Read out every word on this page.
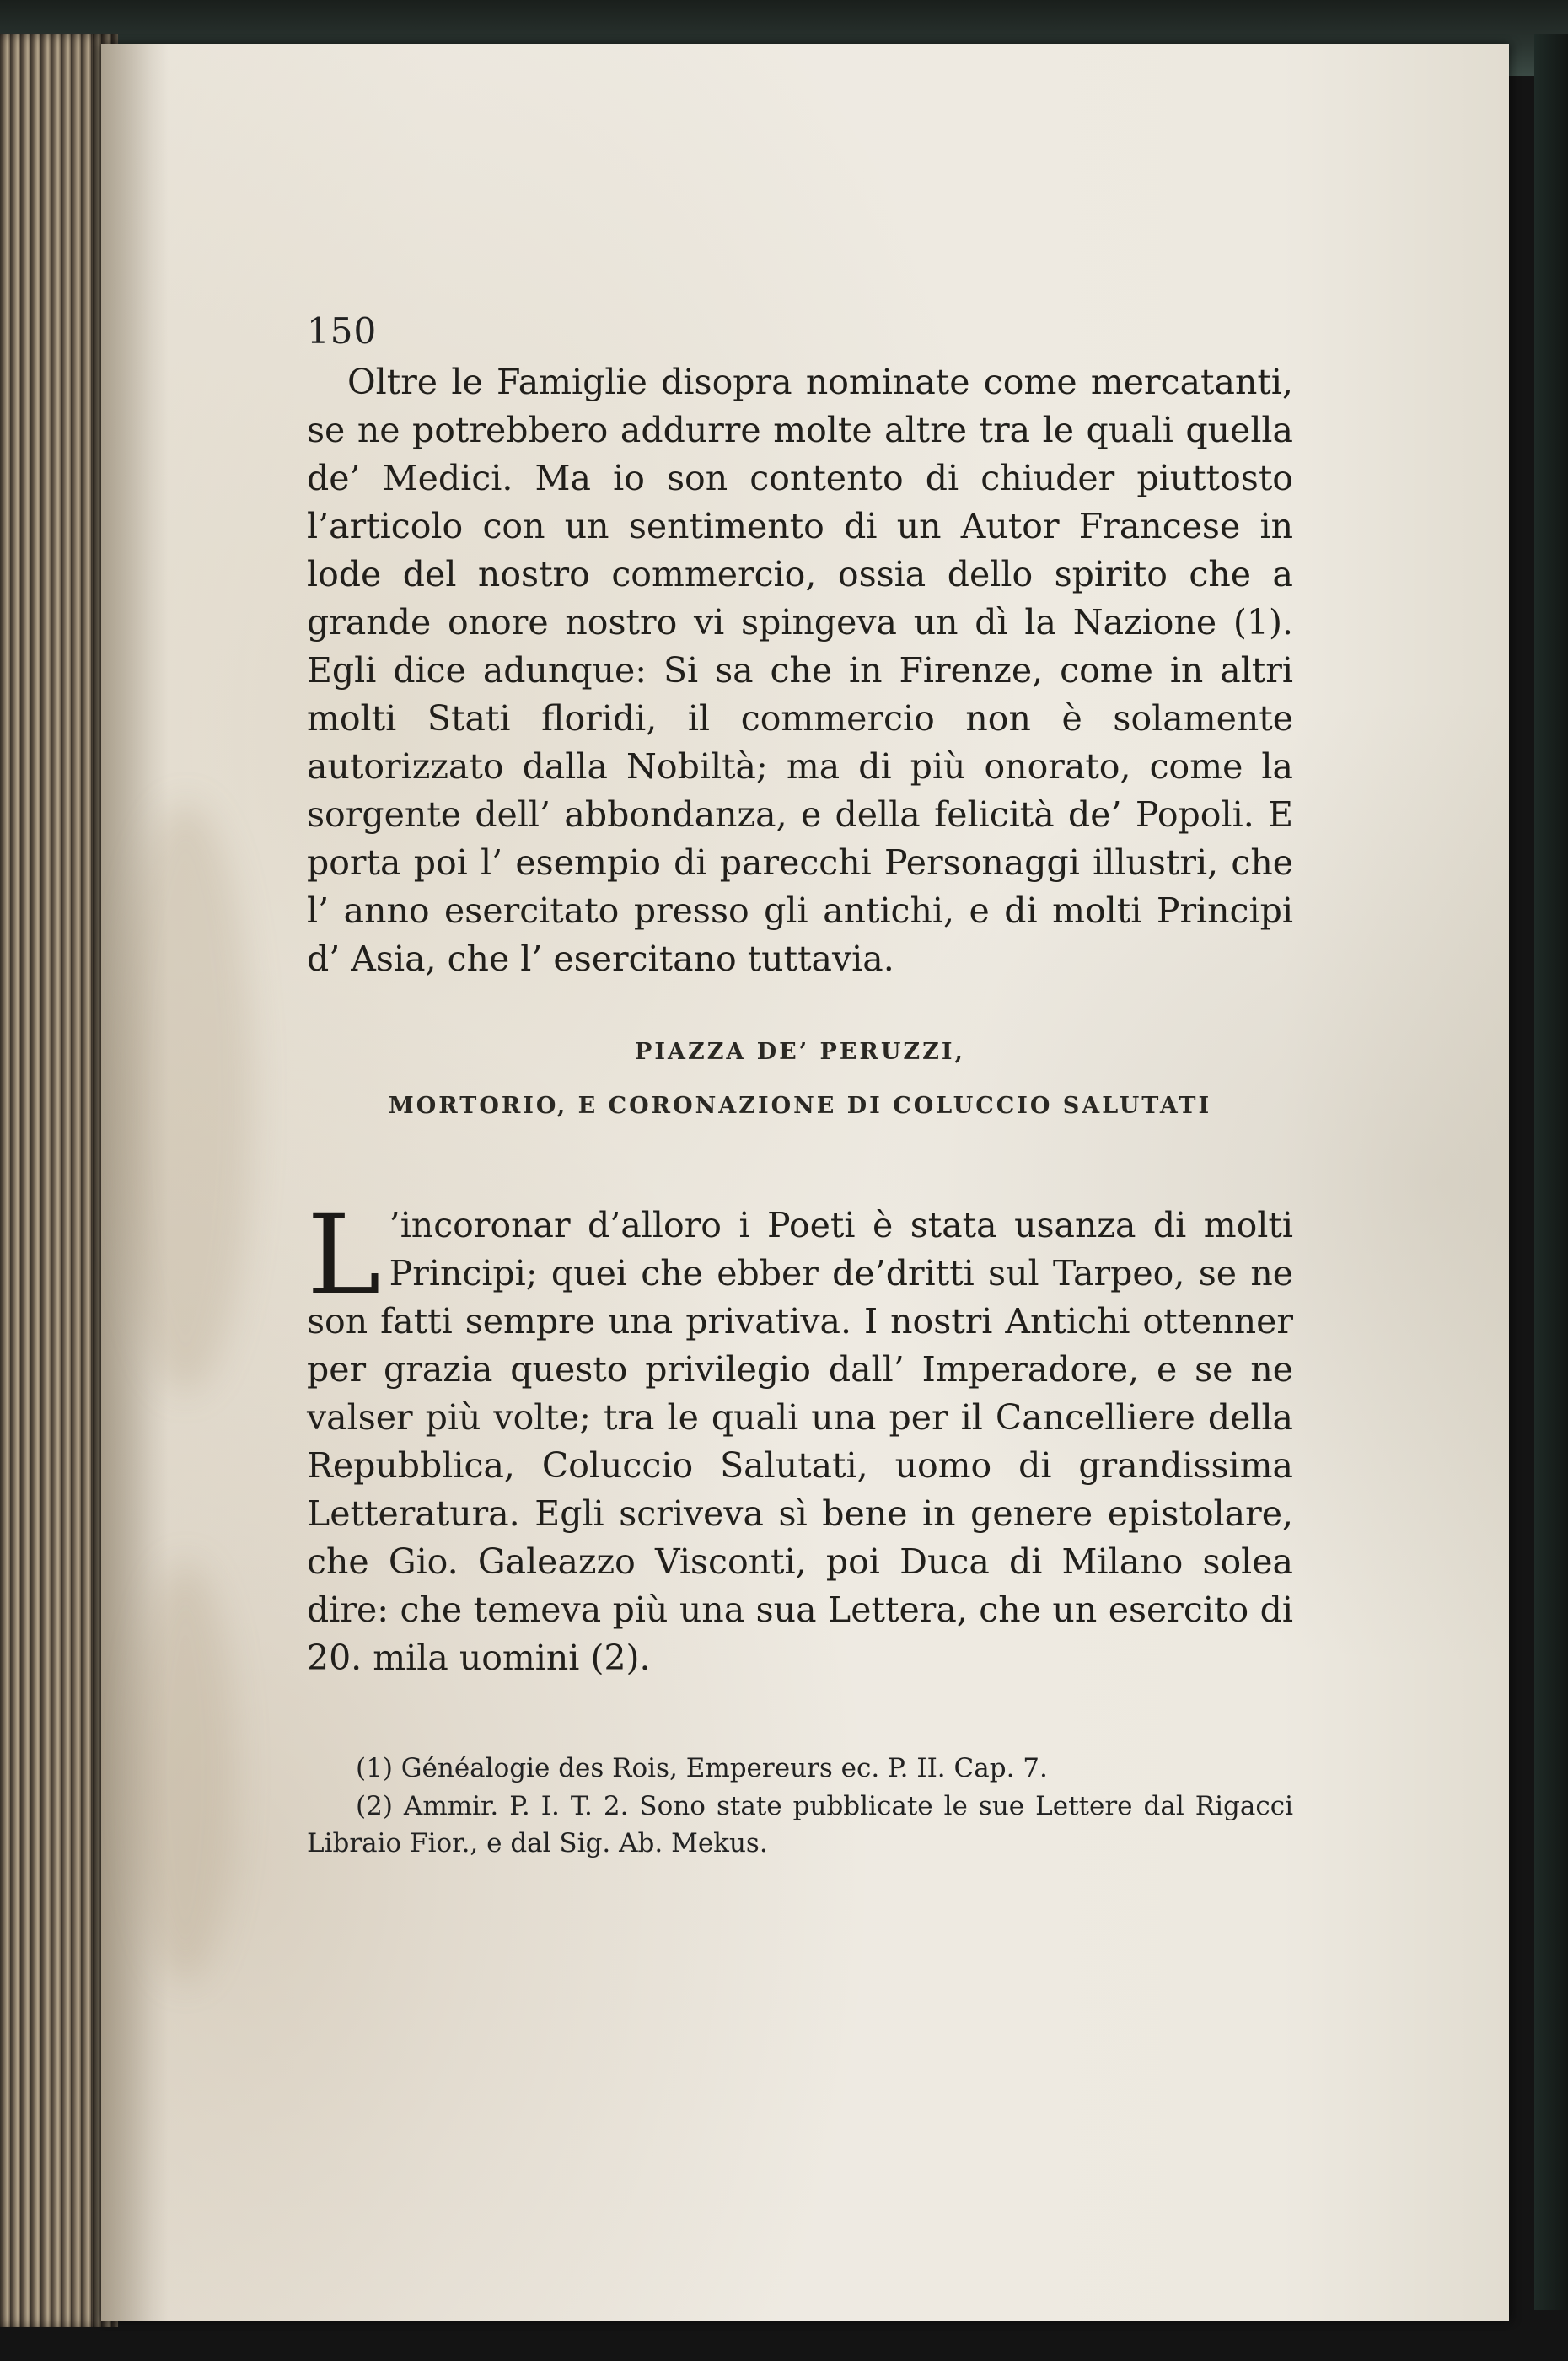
150

Oltre le Famiglie disopra nominate come mercatanti, se ne potrebbero addurre molte altre tra le quali quella de’ Medici. Ma io son contento di chiuder piuttosto l’articolo con un sentimento di un Autor Francese in lode del nostro commercio, ossia dello spirito che a grande onore nostro vi spingeva un dì la Nazione (1). Egli dice adunque: Si sa che in Firenze, come in altri molti Stati floridi, il commercio non è solamente autorizzato dalla Nobiltà; ma di più onorato, come la sorgente dell’ abbondanza, e della felicità de’ Popoli. E porta poi l’ esempio di parecchi Personaggi illustri, che l’ anno esercitato presso gli antichi, e di molti Principi d’ Asia, che l’ esercitano tuttavia.

PIAZZA DE’ PERUZZI,
MORTORIO, E CORONAZIONE DI COLUCCIO SALUTATI
L ’incoronar d’alloro i Poeti è stata usanza di molti Principi; quei che ebber de’dritti sul Tarpeo, se ne son fatti sempre una privativa. I nostri Antichi ottenner per grazia questo privilegio dall’ Imperadore, e se ne valser più volte; tra le quali una per il Cancelliere della Repubblica, Coluccio Salutati, uomo di grandissima Letteratura. Egli scriveva sì bene in genere epistolare, che Gio. Galeazzo Visconti, poi Duca di Milano solea dire: che temeva più una sua Lettera, che un esercito di 20. mila uomini (2).

(1) Généalogie des Rois, Empereurs ec. P. II. Cap. 7.

(2) Ammir. P. I. T. 2. Sono state pubblicate le sue Lettere dal Rigacci Libraio Fior., e dal Sig. Ab. Mekus.
